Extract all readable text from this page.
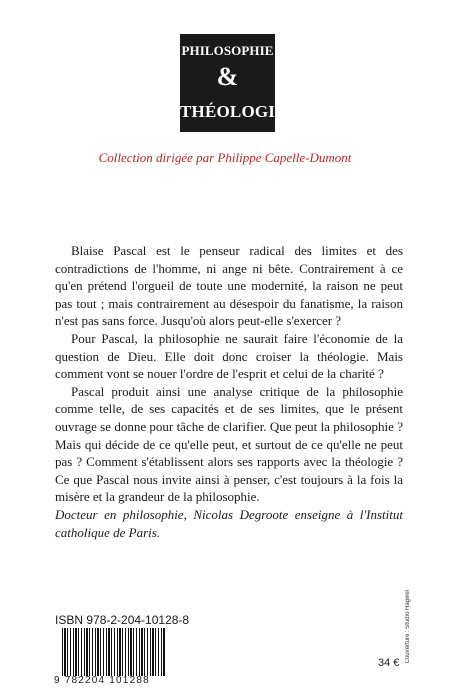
PHILOSOPHIE
&
THÉOLOGIE
Collection dirigée par Philippe Capelle-Dumont

Blaise Pascal est le penseur radical des limites et des contradictions de l'homme, ni ange ni bête. Contrairement à ce qu'en prétend l'orgueil de toute une modernité, la raison ne peut pas tout ; mais contrairement au désespoir du fanatisme, la raison n'est pas sans force. Jusqu'où alors peut-elle s'exercer ?

Pour Pascal, la philosophie ne saurait faire l'économie de la question de Dieu. Elle doit donc croiser la théologie. Mais comment vont se nouer l'ordre de l'esprit et celui de la charité ?

Pascal produit ainsi une analyse critique de la philosophie comme telle, de ses capacités et de ses limites, que le présent ouvrage se donne pour tâche de clarifier. Que peut la philosophie ? Mais qui décide de ce qu'elle peut, et surtout de ce qu'elle ne peut pas ? Comment s'établissent alors ses rapports avec la théologie ? Ce que Pascal nous invite ainsi à penser, c'est toujours à la fois la misère et la grandeur de la philosophie.

Docteur en philosophie, Nicolas Degroote enseigne à l'Institut catholique de Paris.

Couverture : Studio Hagwel
ISBN 978-2-204-10128-8
9 782204 101288
34 €
